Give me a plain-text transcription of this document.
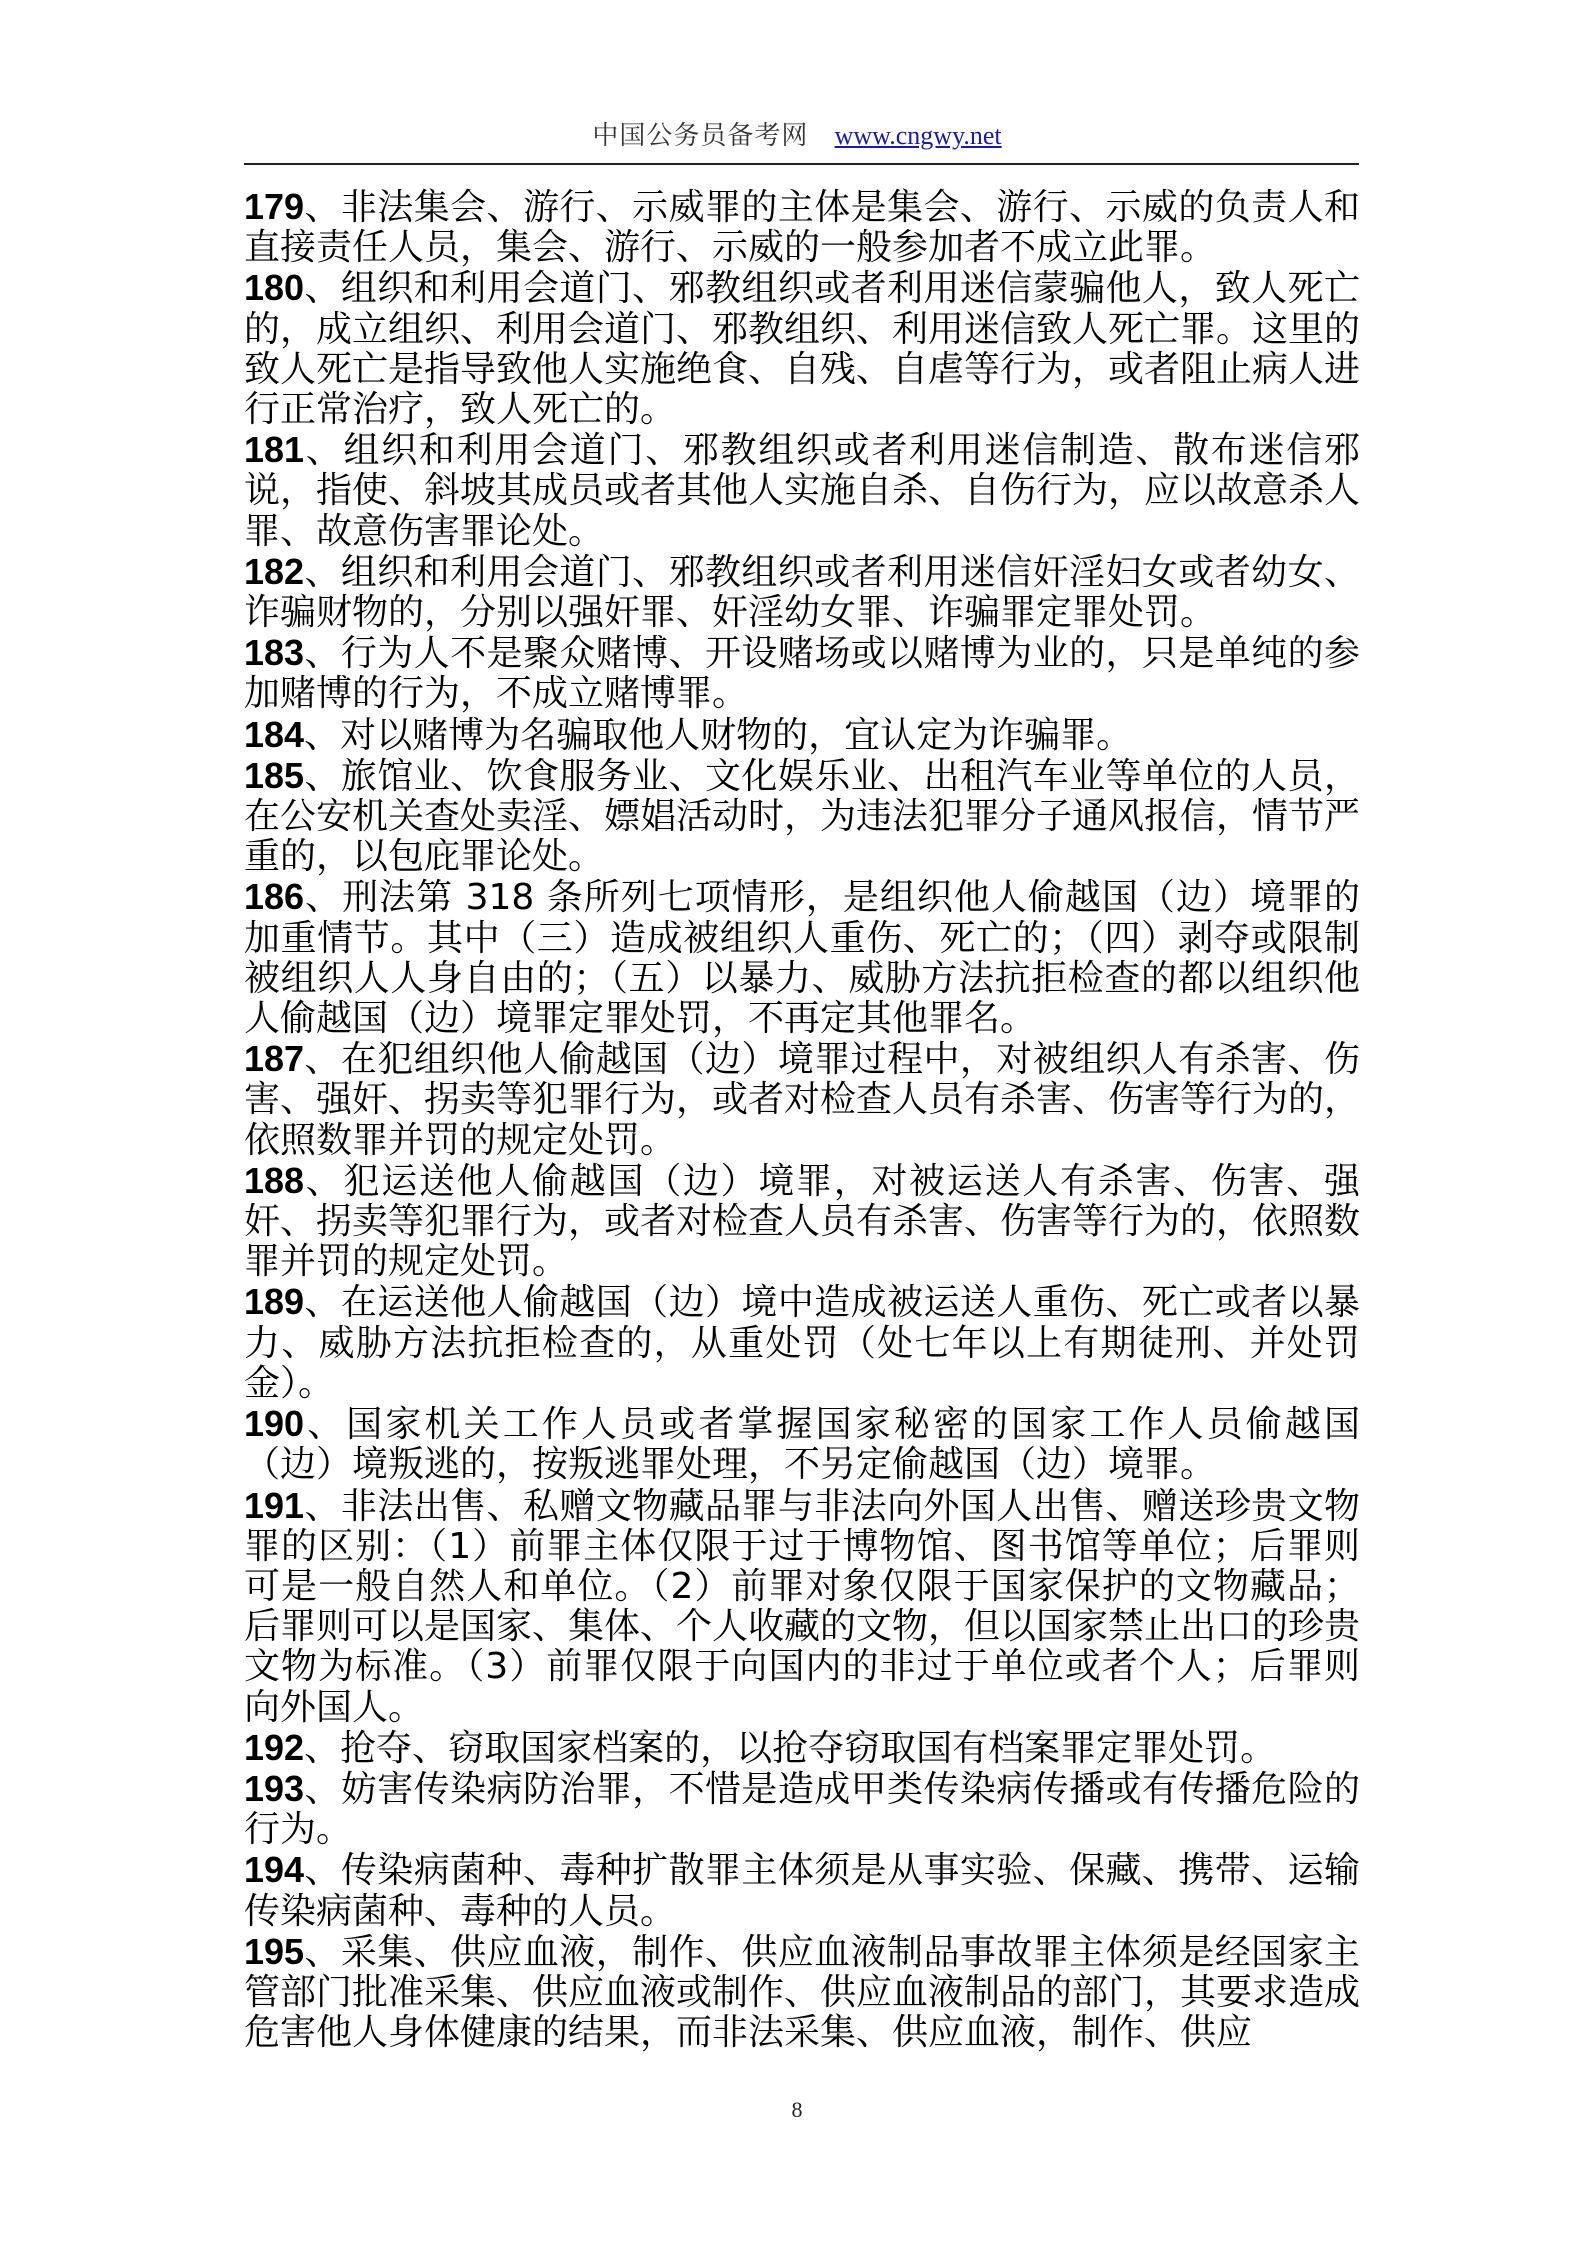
中国公务员备考网 www.cngwy.net

179、非法集会、游行、示威罪的主体是集会、游行、示威的负责人和直接责任人员，集会、游行、示威的一般参加者不成立此罪。

180、组织和利用会道门、邪教组织或者利用迷信蒙骗他人，致人死亡的，成立组织、利用会道门、邪教组织、利用迷信致人死亡罪。这里的致人死亡是指导致他人实施绝食、自残、自虐等行为，或者阻止病人进行正常治疗，致人死亡的。

181、组织和利用会道门、邪教组织或者利用迷信制造、散布迷信邪说，指使、斜坡其成员或者其他人实施自杀、自伤行为，应以故意杀人罪、故意伤害罪论处。

182、组织和利用会道门、邪教组织或者利用迷信奸淫妇女或者幼女、诈骗财物的，分别以强奸罪、奸淫幼女罪、诈骗罪定罪处罚。

183、行为人不是聚众赌博、开设赌场或以赌博为业的，只是单纯的参加赌博的行为，不成立赌博罪。

184、对以赌博为名骗取他人财物的，宜认定为诈骗罪。

185、旅馆业、饮食服务业、文化娱乐业、出租汽车业等单位的人员，在公安机关查处卖淫、嫖娼活动时，为违法犯罪分子通风报信，情节严重的，以包庇罪论处。

186、刑法第 318 条所列七项情形，是组织他人偷越国（边）境罪的加重情节。其中（三）造成被组织人重伤、死亡的；（四）剥夺或限制被组织人人身自由的；（五）以暴力、威胁方法抗拒检查的都以组织他人偷越国（边）境罪定罪处罚，不再定其他罪名。

187、在犯组织他人偷越国（边）境罪过程中，对被组织人有杀害、伤害、强奸、拐卖等犯罪行为，或者对检查人员有杀害、伤害等行为的，依照数罪并罚的规定处罚。

188、犯运送他人偷越国（边）境罪，对被运送人有杀害、伤害、强奸、拐卖等犯罪行为，或者对检查人员有杀害、伤害等行为的，依照数罪并罚的规定处罚。

189、在运送他人偷越国（边）境中造成被运送人重伤、死亡或者以暴力、威胁方法抗拒检查的，从重处罚（处七年以上有期徒刑、并处罚金）。

190、国家机关工作人员或者掌握国家秘密的国家工作人员偷越国（边）境叛逃的，按叛逃罪处理，不另定偷越国（边）境罪。

191、非法出售、私赠文物藏品罪与非法向外国人出售、赠送珍贵文物罪的区别：（1）前罪主体仅限于过于博物馆、图书馆等单位；后罪则可是一般自然人和单位。（2）前罪对象仅限于国家保护的文物藏品；后罪则可以是国家、集体、个人收藏的文物，但以国家禁止出口的珍贵文物为标准。（3）前罪仅限于向国内的非过于单位或者个人；后罪则向外国人。

192、抢夺、窃取国家档案的，以抢夺窃取国有档案罪定罪处罚。

193、妨害传染病防治罪，不惜是造成甲类传染病传播或有传播危险的行为。

194、传染病菌种、毒种扩散罪主体须是从事实验、保藏、携带、运输传染病菌种、毒种的人员。

195、采集、供应血液，制作、供应血液制品事故罪主体须是经国家主管部门批准采集、供应血液或制作、供应血液制品的部门，其要求造成危害他人身体健康的结果，而非法采集、供应血液，制作、供应

8
